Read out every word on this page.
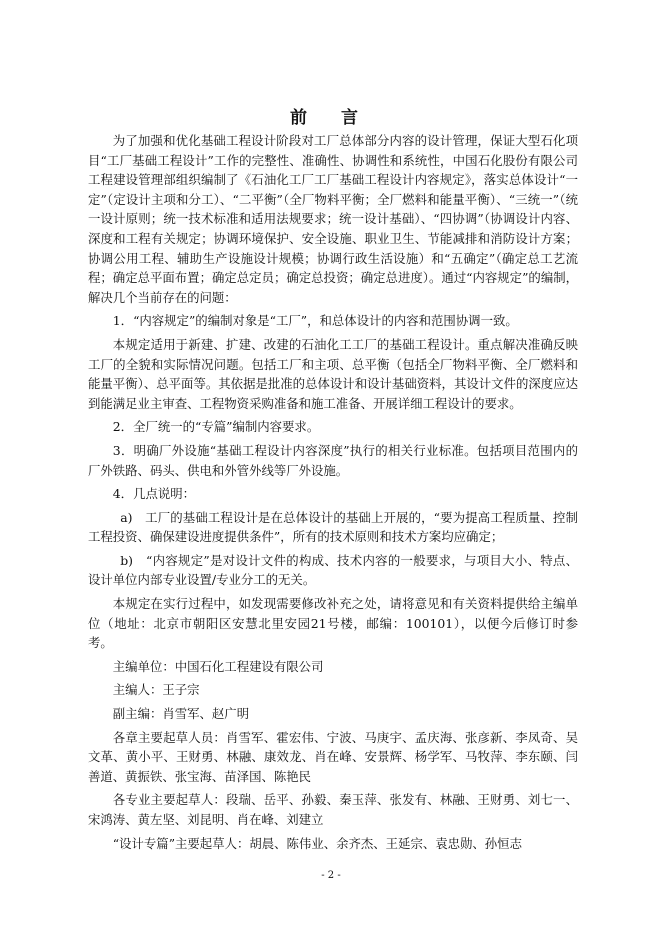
前 言

为了加强和优化基础工程设计阶段对工厂总体部分内容的设计管理，保证大型石化项目“工厂基础工程设计”工作的完整性、准确性、协调性和系统性，中国石化股份有限公司工程建设管理部组织编制了《石油化工厂工厂基础工程设计内容规定》，落实总体设计“一定”（定设计主项和分工）、“二平衡”（全厂物料平衡；全厂燃料和能量平衡）、“三统一”（统一设计原则；统一技术标准和适用法规要求；统一设计基础）、“四协调”（协调设计内容、深度和工程有关规定；协调环境保护、安全设施、职业卫生、节能减排和消防设计方案；协调公用工程、辅助生产设施设计规模；协调行政生活设施）和“五确定”（确定总工艺流程；确定总平面布置；确定总定员；确定总投资；确定总进度）。通过“内容规定”的编制，解决几个当前存在的问题：

1．“内容规定”的编制对象是“工厂”，和总体设计的内容和范围协调一致。

本规定适用于新建、扩建、改建的石油化工工厂的基础工程设计。重点解决准确反映工厂的全貌和实际情况问题。包括工厂和主项、总平衡（包括全厂物料平衡、全厂燃料和能量平衡）、总平面等。其依据是批准的总体设计和设计基础资料，其设计文件的深度应达到能满足业主审查、工程物资采购准备和施工准备、开展详细工程设计的要求。

2．全厂统一的“专篇”编制内容要求。

3．明确厂外设施“基础工程设计内容深度”执行的相关行业标准。包括项目范围内的厂外铁路、码头、供电和外管外线等厂外设施。

4．几点说明：

a)　工厂的基础工程设计是在总体设计的基础上开展的，“要为提高工程质量、控制工程投资、确保建设进度提供条件”，所有的技术原则和技术方案均应确定；

b)　“内容规定”是对设计文件的构成、技术内容的一般要求，与项目大小、特点、设计单位内部专业设置/专业分工的无关。

本规定在实行过程中，如发现需要修改补充之处，请将意见和有关资料提供给主编单位（地址：北京市朝阳区安慧北里安园21号楼，邮编：100101），以便今后修订时参考。

主编单位：中国石化工程建设有限公司

主编人：王子宗

副主编：肖雪军、赵广明

各章主要起草人员：肖雪军、霍宏伟、宁波、马庚宇、孟庆海、张彦新、李凤奇、吴文革、黄小平、王财勇、林融、康效龙、肖在峰、安景辉、杨学军、马牧萍、李东颐、闫善道、黄振铁、张宝海、苗泽国、陈艳民

各专业主要起草人：段瑞、岳平、孙毅、秦玉萍、张发有、林融、王财勇、刘七一、宋鸿涛、黄左坚、刘昆明、肖在峰、刘建立

“设计专篇”主要起草人：胡晨、陈伟业、余齐杰、王延宗、袁忠勋、孙恒志

- 2 -
